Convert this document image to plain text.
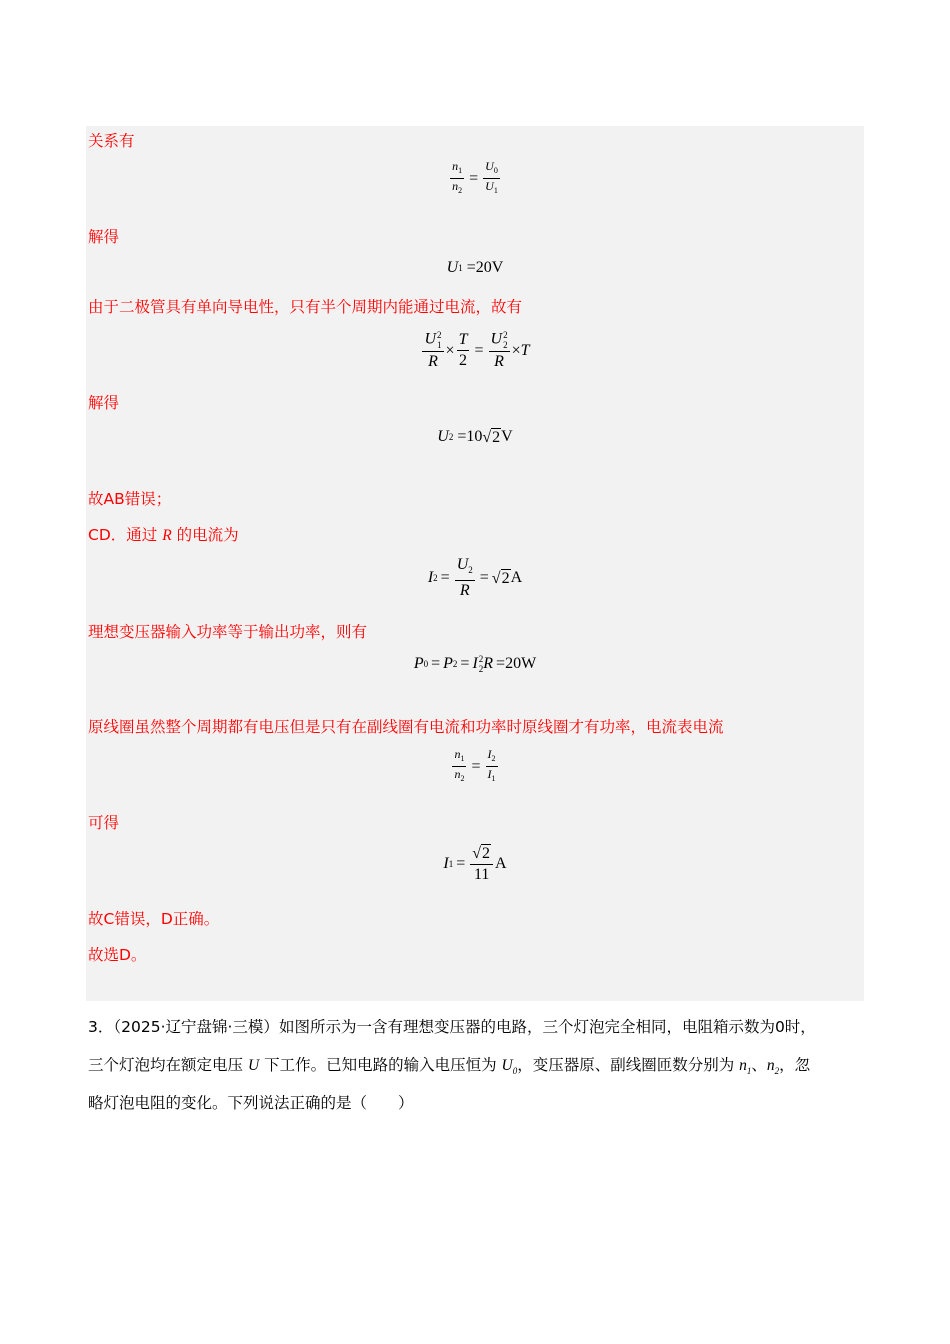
关系有
$\frac{n_1}{n_2} = \frac{U_0}{U_1}$
解得
U 1 =20V
由于二极管具有单向导电性，只有半个周期内能通过电流，故有
U 2
1
$R \times \frac{T}{2} = U$ 2
2
R × T
解得
U 2 =10 √ 2 V
故AB错误；
CD．通过 R 的电流为
I $2 = \frac{U_2}{R}$ = √ 2 A
理想变压器输入功率等于输出功率，则有
P 0 = P 2 = I 2
2 R =20W
原线圈虽然整个周期都有电压但是只有在副线圈有电流和功率时原线圈才有功率，电流表电流
$\frac{n_1}{n_2} = \frac{I_2}{I_1}$
可得
I $1 = \frac{√ 2}{11}$ A
故C错误，D正确。
故选D。
3．（2025·辽宁盘锦·三模）如图所示为一含有理想变压器的电路，三个灯泡完全相同，电阻箱示数为0时，
三个灯泡均在额定电压 U 下工作。已知电路的输入电压恒为 $U_0$，变压器原、副线圈匝数分别为 $n_1$、$n_2$，忽
略灯泡电阻的变化。下列说法正确的是（　　）
